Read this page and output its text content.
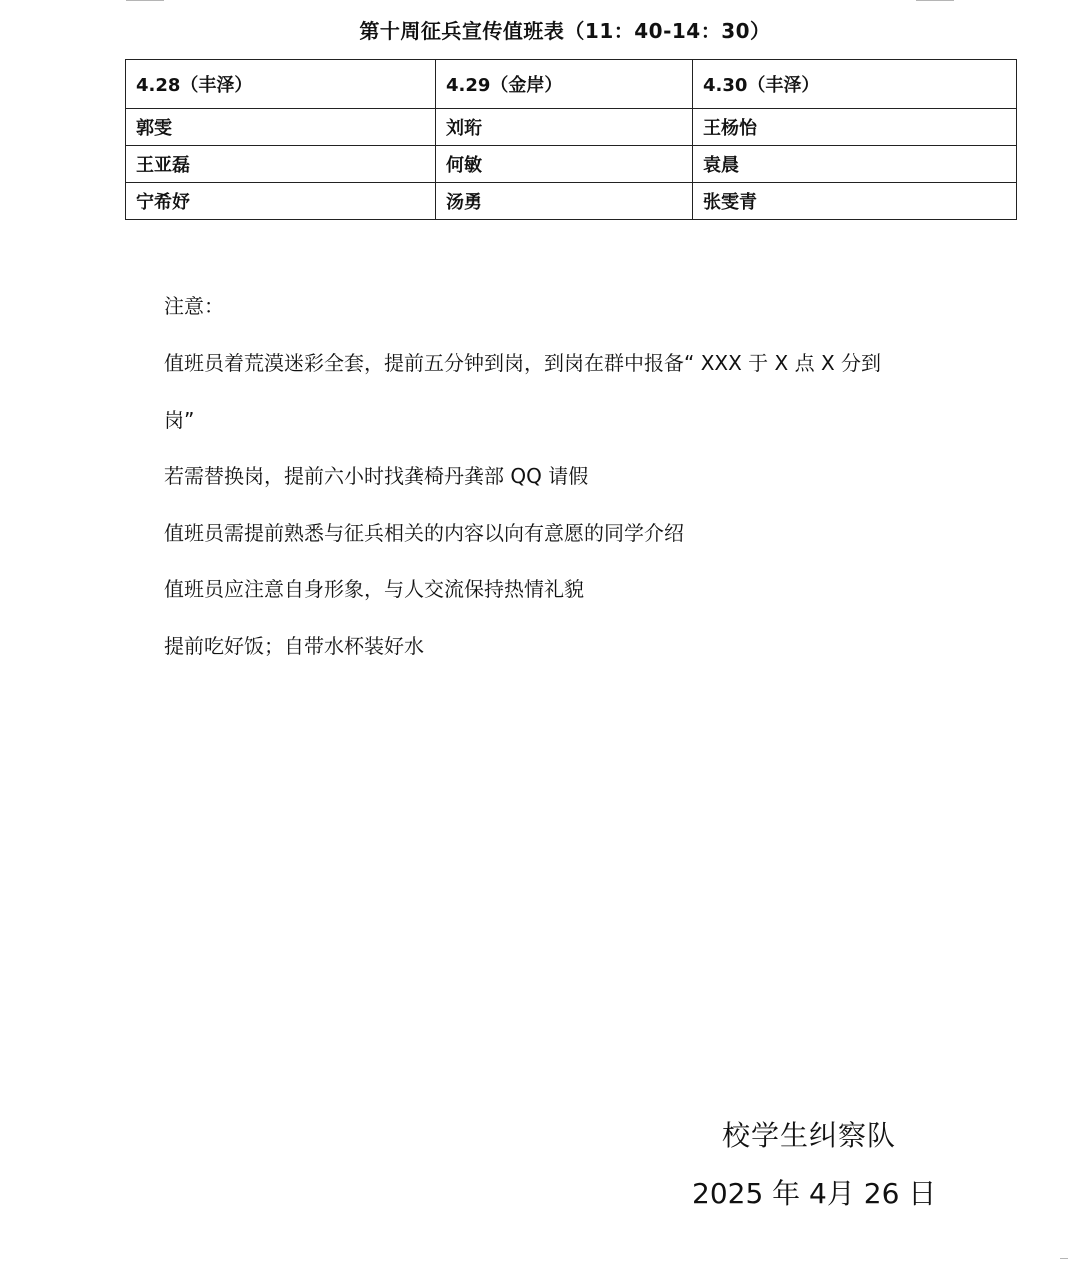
第十周征兵宣传值班表（11：40-14：30）
4.28（丰泽）	4.29（金岸）	4.30（丰泽）
郭雯	刘珩	王杨怡
王亚磊	何敏	袁晨
宁希妤	汤勇	张雯青
注意：
值班员着荒漠迷彩全套，提前五分钟到岗，到岗在群中报备“ XXX 于 X 点 X 分到
岗”
若需替换岗，提前六小时找龚椅丹龚部 QQ 请假
值班员需提前熟悉与征兵相关的内容以向有意愿的同学介绍
值班员应注意自身形象，与人交流保持热情礼貌
提前吃好饭；自带水杯装好水
校学生纠察队
2025 年 4月 26 日
